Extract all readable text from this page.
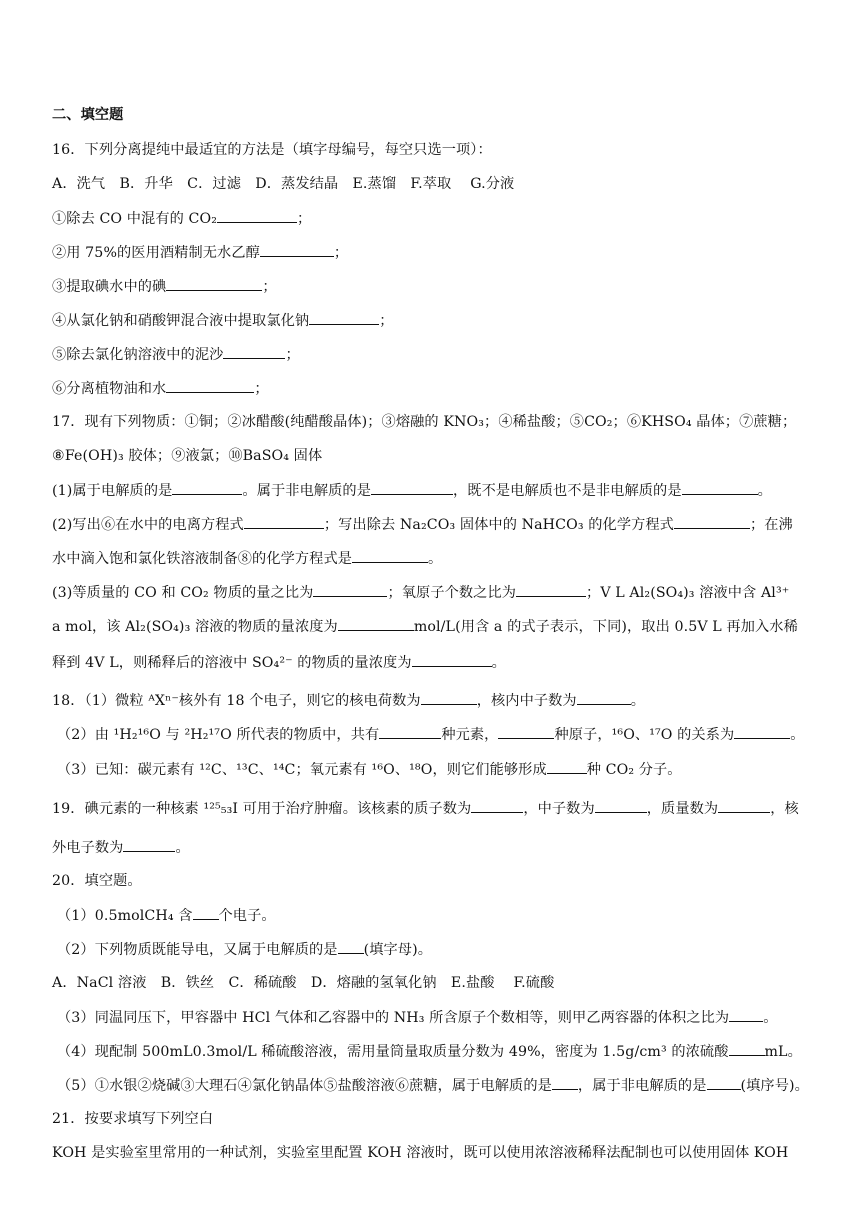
二、填空题
16．下列分离提纯中最适宜的方法是（填字母编号，每空只选一项）：
A．洗气　B．升华　C．过滤　D．蒸发结晶　E.蒸馏　F.萃取　 G.分液
①除去 CO 中混有的 CO₂	；
②用 75%的医用酒精制无水乙醇	；
③提取碘水中的碘	；
④从氯化钠和硝酸钾混合液中提取氯化钠	；
⑤除去氯化钠溶液中的泥沙	；
⑥分离植物油和水	；
17．现有下列物质：①铜；②冰醋酸(纯醋酸晶体)；③熔融的 KNO₃；④稀盐酸；⑤CO₂；⑥KHSO₄ 晶体；⑦蔗糖；
⑧Fe(OH)₃ 胶体；⑨液氯；⑩BaSO₄ 固体
(1)属于电解质的是	。属于非电解质的是	，既不是电解质也不是非电解质的是	。
(2)写出⑥在水中的电离方程式	；写出除去 Na₂CO₃ 固体中的 NaHCO₃ 的化学方程式	；在沸
水中滴入饱和氯化铁溶液制备⑧的化学方程式是	。
(3)等质量的 CO 和 CO₂ 物质的量之比为	；氧原子个数之比为	；V L Al₂(SO₄)₃ 溶液中含 Al³⁺
a mol，该 Al₂(SO₄)₃ 溶液的物质的量浓度为	mol/L(用含 a 的式子表示，下同)，取出 0.5V L 再加入水稀
释到 4V L，则稀释后的溶液中 SO₄²⁻ 的物质的量浓度为	。
18．（1）微粒 ᴬXⁿ⁻核外有 18 个电子，则它的核电荷数为	，核内中子数为	。
（2）由 ¹H₂¹⁶O 与 ²H₂¹⁷O 所代表的物质中，共有	种元素，	种原子，¹⁶O、¹⁷O 的关系为	。
（3）已知：碳元素有 ¹²C、¹³C、¹⁴C；氧元素有 ¹⁶O、¹⁸O，则它们能够形成	种 CO₂ 分子。
19．碘元素的一种核素 ¹²⁵₅₃I 可用于治疗肿瘤。该核素的质子数为	，中子数为	，质量数为	，核
外电子数为	。
20．填空题。
（1）0.5molCH₄ 含 个电子。
（2）下列物质既能导电，又属于电解质的是 (填字母)。
A．NaCl 溶液　B．铁丝　C．稀硫酸　D．熔融的氢氧化钠　E.盐酸　 F.硫酸
（3）同温同压下，甲容器中 HCl 气体和乙容器中的 NH₃ 所含原子个数相等，则甲乙两容器的体积之比为 。
（4）现配制 500mL0.3mol/L 稀硫酸溶液，需用量筒量取质量分数为 49%，密度为 1.5g/cm³ 的浓硫酸	mL。
（5）①水银②烧碱③大理石④氯化钠晶体⑤盐酸溶液⑥蔗糖，属于电解质的是 ，属于非电解质的是 (填序号)。
21．按要求填写下列空白
KOH 是实验室里常用的一种试剂，实验室里配置 KOH 溶液时，既可以使用浓溶液稀释法配制也可以使用固体 KOH
